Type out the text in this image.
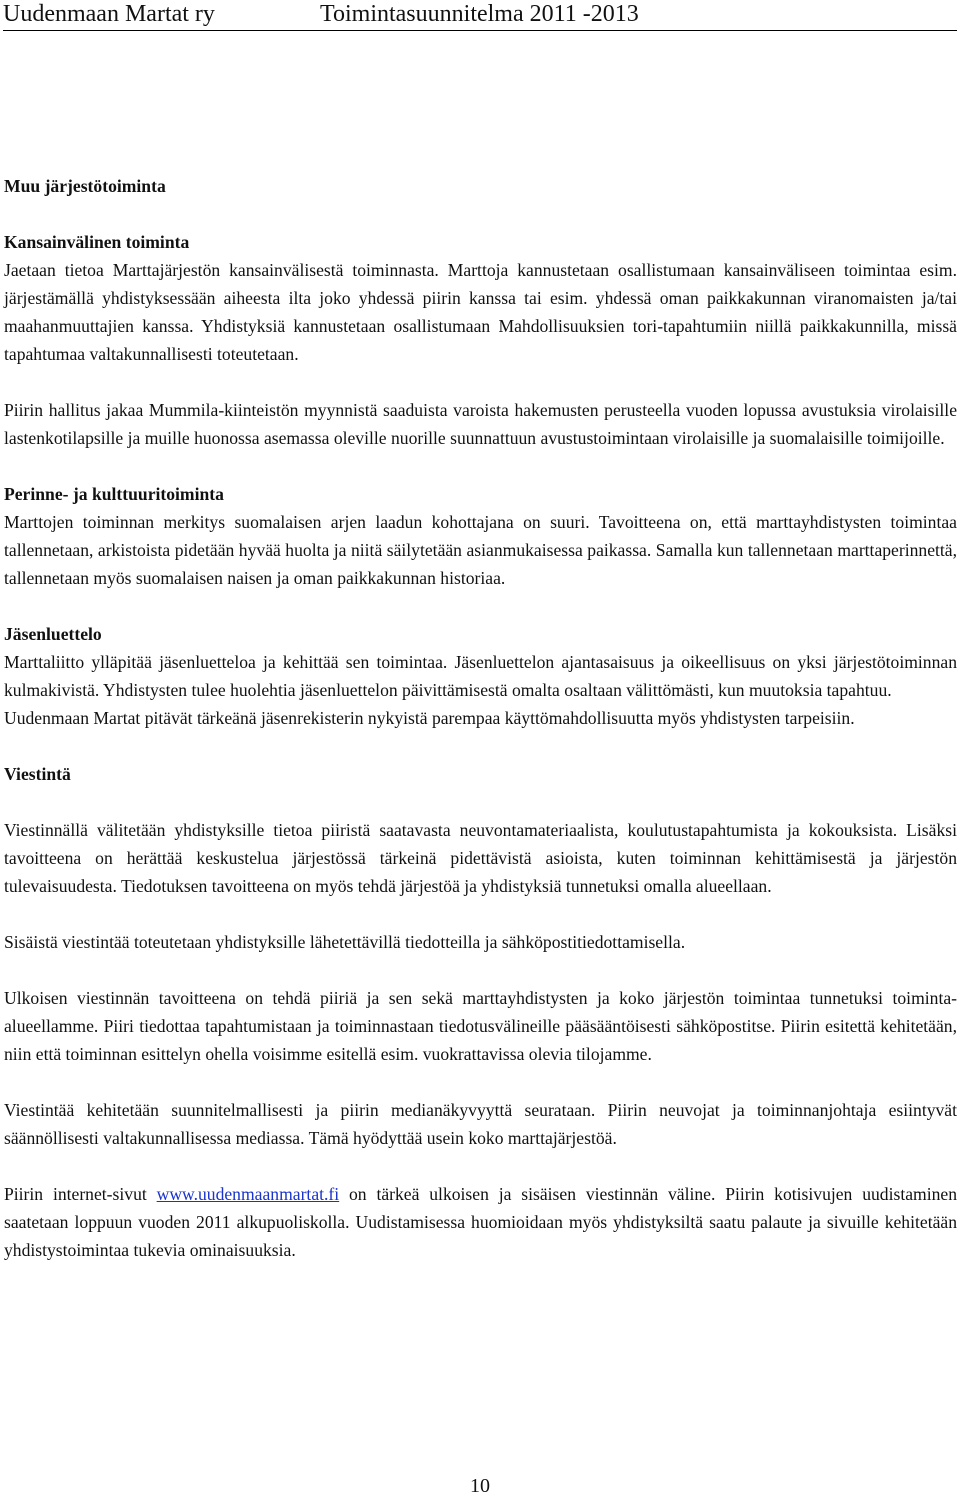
Uudenmaan Martat ry	Toimintasuunnitelma 2011 -2013
Muu järjestötoiminta
Kansainvälinen toiminta

Jaetaan tietoa Marttajärjestön kansainvälisestä toiminnasta. Marttoja kannustetaan osallistumaan kansainväliseen toimintaa esim. järjestämällä yhdistyksessään aiheesta ilta joko yhdessä piirin kanssa tai esim. yhdessä oman paikkakunnan viranomaisten ja/tai maahanmuuttajien kanssa. Yhdistyksiä kannustetaan osallistumaan Mahdollisuuksien tori-tapahtumiin niillä paikkakunnilla, missä tapahtumaa valtakunnallisesti toteutetaan.

Piirin hallitus jakaa Mummila-kiinteistön myynnistä saaduista varoista hakemusten perusteella vuoden lopussa avustuksia virolaisille lastenkotilapsille ja muille huonossa asemassa oleville nuorille suunnattuun avustustoimintaan virolaisille ja suomalaisille toimijoille.

Perinne- ja kulttuuritoiminta

Marttojen toiminnan merkitys suomalaisen arjen laadun kohottajana on suuri. Tavoitteena on, että marttayhdistysten toimintaa tallennetaan, arkistoista pidetään hyvää huolta ja niitä säilytetään asianmukaisessa paikassa. Samalla kun tallennetaan marttaperinnettä, tallennetaan myös suomalaisen naisen ja oman paikkakunnan historiaa.

Jäsenluettelo

Marttaliitto ylläpitää jäsenluetteloa ja kehittää sen toimintaa. Jäsenluettelon ajantasaisuus ja oikeellisuus on yksi järjestötoiminnan kulmakivistä. Yhdistysten tulee huolehtia jäsenluettelon päivittämisestä omalta osaltaan välittömästi, kun muutoksia tapahtuu.

Uudenmaan Martat pitävät tärkeänä jäsenrekisterin nykyistä parempaa käyttömahdollisuutta myös yhdistysten tarpeisiin.

Viestintä

Viestinnällä välitetään yhdistyksille tietoa piiristä saatavasta neuvontamateriaalista, koulutustapahtumista ja kokouksista. Lisäksi tavoitteena on herättää keskustelua järjestössä tärkeinä pidettävistä asioista, kuten toiminnan kehittämisestä ja järjestön tulevaisuudesta. Tiedotuksen tavoitteena on myös tehdä järjestöä ja yhdistyksiä tunnetuksi omalla alueellaan.

Sisäistä viestintää toteutetaan yhdistyksille lähetettävillä tiedotteilla ja sähköpostitiedottamisella.

Ulkoisen viestinnän tavoitteena on tehdä piiriä ja sen sekä marttayhdistysten ja koko järjestön toimintaa tunnetuksi toiminta-alueellamme. Piiri tiedottaa tapahtumistaan ja toiminnastaan tiedotusvälineille pääsääntöisesti sähköpostitse. Piirin esitettä kehitetään, niin että toiminnan esittelyn ohella voisimme esitellä esim. vuokrattavissa olevia tilojamme.

Viestintää kehitetään suunnitelmallisesti ja piirin medianäkyvyyttä seurataan. Piirin neuvojat ja toiminnanjohtaja esiintyvät säännöllisesti valtakunnallisessa mediassa. Tämä hyödyttää usein koko marttajärjestöä.

Piirin internet-sivut www.uudenmaanmartat.fi on tärkeä ulkoisen ja sisäisen viestinnän väline. Piirin kotisivujen uudistaminen saatetaan loppuun vuoden 2011 alkupuoliskolla. Uudistamisessa huomioidaan myös yhdistyksiltä saatu palaute ja sivuille kehitetään yhdistystoimintaa tukevia ominaisuuksia.

10
